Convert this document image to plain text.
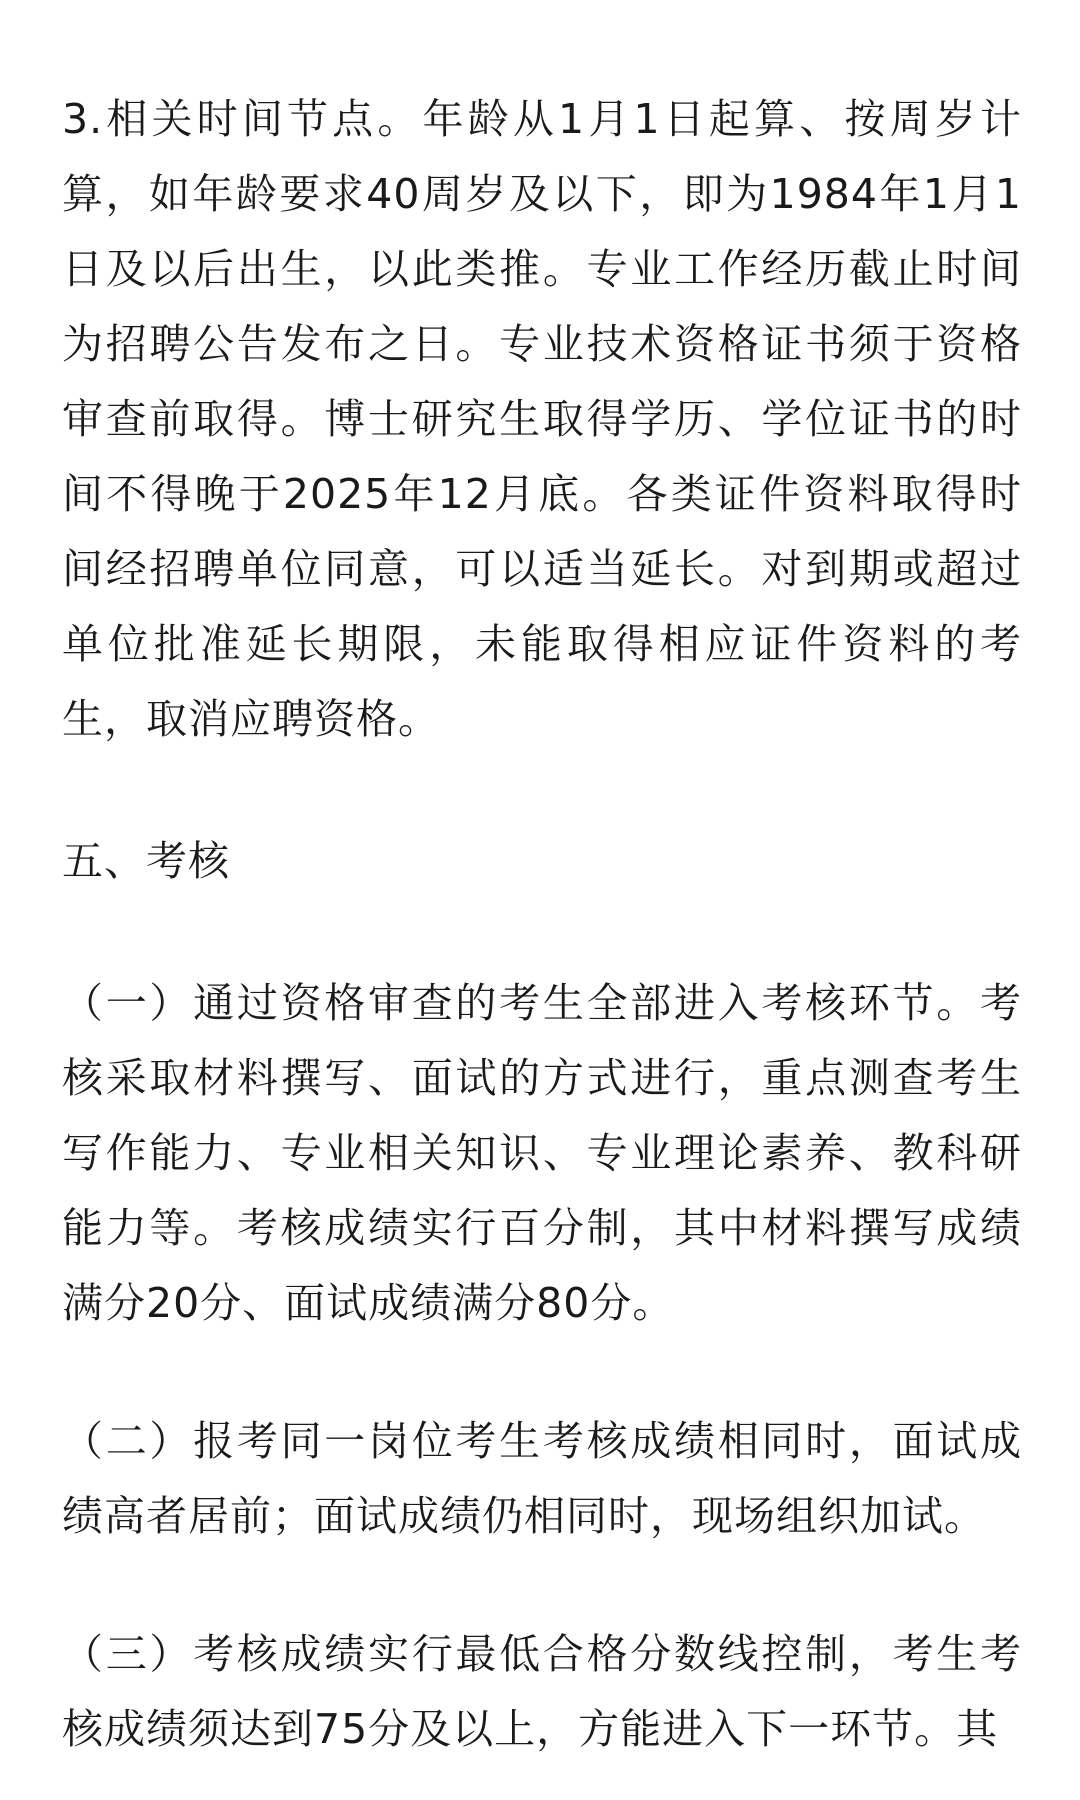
3.相关时间节点。年龄从1月1日起算、按周岁计算，如年龄要求40周岁及以下，即为1984年1月1日及以后出生，以此类推。专业工作经历截止时间为招聘公告发布之日。专业技术资格证书须于资格审查前取得。博士研究生取得学历、学位证书的时间不得晚于2025年12月底。各类证件资料取得时间经招聘单位同意，可以适当延长。对到期或超过单位批准延长期限，未能取得相应证件资料的考生，取消应聘资格。

五、考核

（一）通过资格审查的考生全部进入考核环节。考核采取材料撰写、面试的方式进行，重点测查考生写作能力、专业相关知识、专业理论素养、教科研能力等。考核成绩实行百分制，其中材料撰写成绩满分20分、面试成绩满分80分。

（二）报考同一岗位考生考核成绩相同时，面试成绩高者居前；面试成绩仍相同时，现场组织加试。

（三）考核成绩实行最低合格分数线控制，考生考核成绩须达到75分及以上，方能进入下一环节。其
